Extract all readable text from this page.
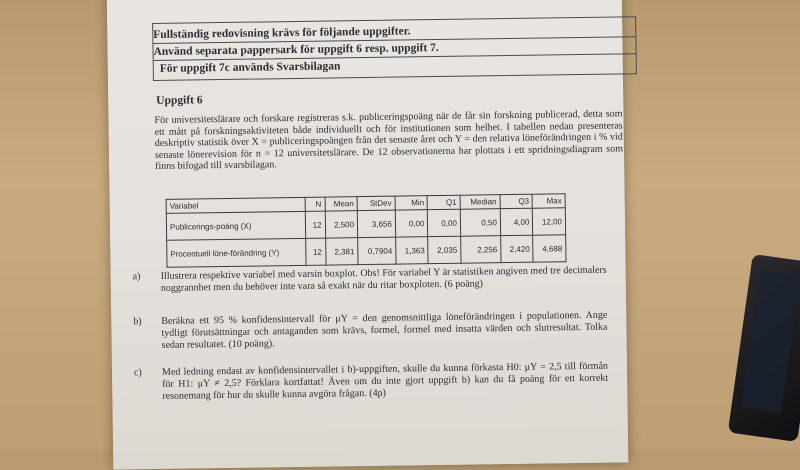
Fullständig redovisning krävs för följande uppgifter.
Använd separata pappersark för uppgift 6 resp. uppgift 7.
För uppgift 7c används Svarsbilagan
Uppgift 6
För universitetslärare och forskare registreras s.k. publiceringspoäng när de får sin forskning publicerad, detta som ett mått på forskningsaktiviteten både individuellt och för institutionen som helhet. I tabellen nedan presenteras deskriptiv statistik över X = publiceringspoängen från det senaste året och Y = den relativa löneförändringen i % vid senaste lönerevision för n = 12 universitetslärare. De 12 observationerna har plottats i ett spridningsdiagram som finns bifogad till svarsbilagan.
Variabel	N	Mean	StDev	Min	Q1	Median	Q3	Max
Publicerings-poäng (X)	12	2,500	3,656	0,00	0,00	0,50	4,00	12,00
Procentuell löne-förändring (Y)	12	2,381	0,7904	1,363	2,035	2,256	2,420	4,688
a)	Illustrera respektive variabel med varsin boxplot. Obs! För variabel Y är statistiken angiven med tre decimalers noggrannhet men du behöver inte vara så exakt när du ritar boxploten. (6 poäng)
b)	Beräkna ett 95 % konfidensintervall för μY = den genomsnittliga löneförändringen i populationen. Ange tydligt förutsättningar och antaganden som krävs, formel, formel med insatta värden och slutresultat. Tolka sedan resultatet. (10 poäng).
c)	Med ledning endast av konfidensintervallet i b)-uppgiften, skulle du kunna förkasta H0: μY = 2,5 till förmån för H1: μY ≠ 2,5? Förklara kortfattat! Även om du inte gjort uppgift b) kan du få poäng för ett korrekt resonemang för hur du skulle kunna avgöra frågan. (4p)
